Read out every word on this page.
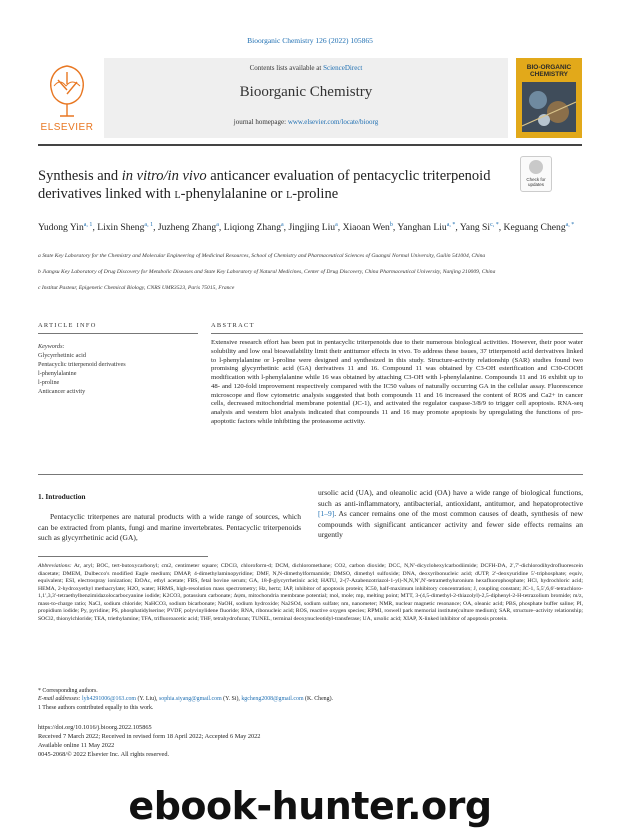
Bioorganic Chemistry 126 (2022) 105865
ELSEVIER
Contents lists available at ScienceDirect
Bioorganic Chemistry
journal homepage: www.elsevier.com/locate/bioorg
BIO-ORGANIC CHEMISTRY
Synthesis and in vitro/in vivo anticancer evaluation of pentacyclic triterpenoid derivatives linked with l-phenylalanine or l-proline
Check for updates
Yudong Yin$^{a, 1}$, Lixin Sheng$^{a, 1}$, Juzheng Zhang$^a$, Liqiong Zhang$^a$, Jingjing Liu$^a$, Xiaoan Wen$^b$, Yanghan Liu$^{a, *}$, Yang $Si^{c, *}$, Keguang Cheng$^{a, *}$
a State Key Laboratory for the Chemistry and Molecular Engineering of Medicinal Resources, School of Chemistry and Pharmaceutical Sciences of Guangxi Normal University, Guilin 541004, China
b Jiangsu Key Laboratory of Drug Discovery for Metabolic Diseases and State Key Laboratory of Natural Medicines, Center of Drug Discovery, China Pharmaceutical University, Nanjing 210009, China
c Institut Pasteur, Epigenetic Chemical Biology, CNRS UMR3523, Paris 75015, France
ARTICLE INFO	ABSTRACT
Keywords:
Glycyrrhetinic acid
Pentacyclic triterpenoid derivatives
l-phenylalanine
l-proline
Anticancer activity
Extensive research effort has been put in pentacyclic triterpenoids due to their numerous biological activities. However, their poor water solubility and low oral bioavailability limit their antitumor effects in vivo. To address these issues, 37 triterpenoid acid derivatives linked to l-phenylalanine or l-proline were designed and synthesized in this study. Structure-activity relationship (SAR) studies found two promising glycyrrhetinic acid (GA) derivatives 11 and 16. Compound 11 was obtained by C3-OH esterification and C30-COOH modification with l-phenylalanine while 16 was obtained by attaching C3-OH with l-phenylalanine. Compounds 11 and 16 exhibit up to 48- and 120-fold improvement respectively compared with the IC50 values of naturally occurring GA in the cellular assay. Fluorescence microscope and flow cytometric analysis suggested that both compounds 11 and 16 increased the content of ROS and Ca2+ in cancer cells, decreased mitochondrial membrane potential (JC-1), and activated the regulator caspase-3/8/9 to trigger cell apoptosis. RNA-seq analysis and western blot analysis indicated that compounds 11 and 16 may promote apoptosis by upregulating the functions of pro-apoptotic factors while inhibiting the proteasome activity.
1. Introduction
Pentacyclic triterpenes are natural products with a wide range of sources, which can be extracted from plants, fungi and marine invertebrates. Pentacyclic triterpenoids such as glycyrrhetinic acid (GA),
ursolic acid (UA), and oleanolic acid (OA) have a wide range of biological functions, such as anti-inflammatory, antibacterial, antioxidant, antitumor, and hepatoprotective [1–9]. As cancer remains one of the most common causes of death, synthesis of new compounds with significant anticancer activity and fewer side effects remains an urgently
Abbreviations: Ar, aryl; BOC, tert-butoxycarbonyl; cm2, centimeter square; CDCl3, chloroform-d; DCM, dichloromethane; CO2, carbon dioxide; DCC, N,N′-dicyclohexylcarbodiimide; DCFH-DA, 2′,7′-dichlorodihydrofluorescein diacetate; DMEM, Dulbecco's modified Eagle medium; DMAP, 4-dimethylaminopyridine; DMF, N,N-dimethylformamide; DMSO, dimethyl sulfoxide; DNA, deoxyribonucleic acid; dUTP, 2′-deoxyuridine 5′-triphosphate; equiv, equivalent; ESI, electrospray ionization; EtOAc, ethyl acetate; FBS, fetal bovine serum; GA, 18-β-glycyrrhetinic acid; HATU, 2-(7-Azabenzotriazol-1-yl)-N,N,N′,N′-tetramethyluronium hexafluorophosphate; HCl, hydrochloric acid; HEMA, 2-hydroxyethyl methacrylate; H2O, water; HRMS, high-resolution mass spectrometry; Hz, hertz; IAP, inhibitor of apoptosis protein; IC50, half-maximum inhibitory concentration; J, coupling constant; JC-1, 5,5′,6,6′-tetrachloro-1,1′,3,3′-tetraethylbenzimidazolocarbocyanine iodide; K2CO3, potassium carbonate; Δψm, mitochondria membrane potential; mol, mole; mp, melting point; MTT, 3-(4,5-dimethyl-2-thiazolyl)-2,5-diphenyl-2-H-tetrazolium bromide; m/z, mass-to-charge ratio; NaCl, sodium chloride; NaHCO3, sodium bicarbonate; NaOH, sodium hydroxide; Na2SO4, sodium sulfate; nm, nanometer; NMR, nuclear magnetic resonance; OA, oleanic acid; PBS, phosphate buffer saline; PI, propidium iodide; Py, pyridine; PS, phosphatidylserine; PVDF, polyvinylidene fluoride; RNA, ribonucleic acid; ROS, reactive oxygen species; RPMI, roswell park memorial institute(culture medium); SAR, structure–activity relationship; SOCl2, thionylchloride; TEA, triethylamine; TFA, trifluoroacetic acid; THF, tetrahydrofuran; TUNEL, terminal deoxynucleotidyl-transferase; UA, ursolic acid; XIAP, X-linked inhibitor of apoptosis protein.
* Corresponding authors.
E-mail addresses: lyh4291006@163.com (Y. Liu), sophia.siyang@gmail.com (Y. Si), kgcheng2008@gmail.com (K. Cheng).
1 These authors contributed equally to this work.
https://doi.org/10.1016/j.bioorg.2022.105865
Received 7 March 2022; Received in revised form 18 April 2022; Accepted 6 May 2022
Available online 11 May 2022
0045-2068/© 2022 Elsevier Inc. All rights reserved.
ebook-hunter.org
